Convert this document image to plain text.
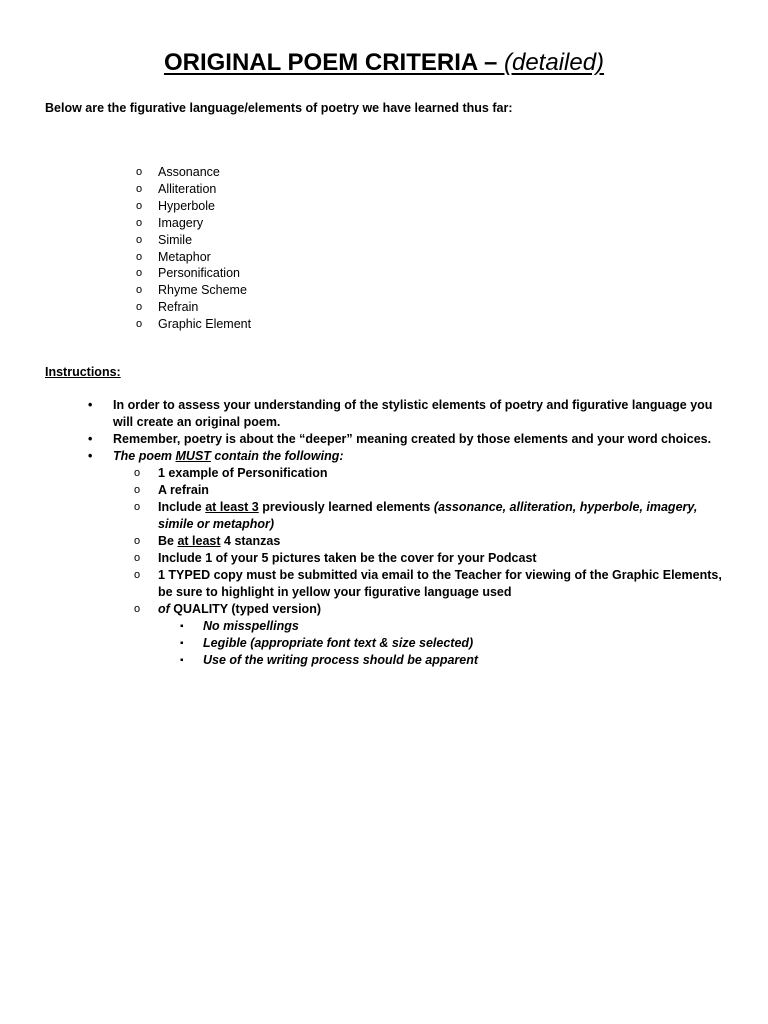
ORIGINAL POEM CRITERIA – (detailed)
Below are the figurative language/elements of poetry we have learned thus far:
o Assonance
o Alliteration
o Hyperbole
o Imagery
o Simile
o Metaphor
o Personification
o Rhyme Scheme
o Refrain
o Graphic Element
Instructions:
• In order to assess your understanding of the stylistic elements of poetry and figurative language you will create an original poem.
• Remember, poetry is about the “deeper” meaning created by those elements and your word choices.
• The poem MUST contain the following:
o 1 example of Personification
o A refrain
o Include at least 3 previously learned elements (assonance, alliteration, hyperbole, imagery, simile or metaphor)
o Be at least 4 stanzas
o Include 1 of your 5 pictures taken be the cover for your Podcast
o 1 TYPED copy must be submitted via email to the Teacher for viewing of the Graphic Elements, be sure to highlight in yellow your figurative language used
o of QUALITY (typed version)
▪ No misspellings
▪ Legible (appropriate font text & size selected)
▪ Use of the writing process should be apparent
